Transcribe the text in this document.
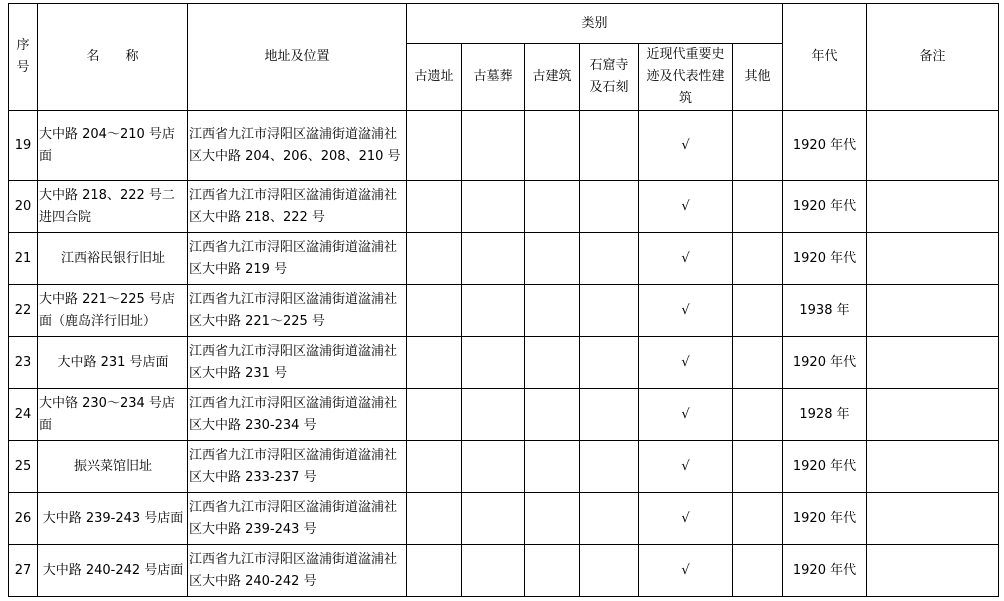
序号	名　　称	地址及位置	类别						年代	备注
			古遗址	古墓葬	古建筑	石窟寺及石刻	近现代重要史迹及代表性建筑	其他		
19	大中路 204～210 号店面	江西省九江市浔阳区湓浦街道湓浦社区大中路 204、206、208、210 号					√		1920 年代	
20	大中路 218、222 号二进四合院	江西省九江市浔阳区湓浦街道湓浦社区大中路 218、222 号					√		1920 年代	
21	江西裕民银行旧址	江西省九江市浔阳区湓浦街道湓浦社区大中路 219 号					√		1920 年代	
22	大中路 221～225 号店面（鹿岛洋行旧址）	江西省九江市浔阳区湓浦街道湓浦社区大中路 221～225 号					√		1938 年	
23	大中路 231 号店面	江西省九江市浔阳区湓浦街道湓浦社区大中路 231 号					√		1920 年代	
24	大中铬 230～234 号店面	江西省九江市浔阳区湓浦街道湓浦社区大中路 230-234 号					√		1928 年	
25	振兴菜馆旧址	江西省九江市浔阳区湓浦街道湓浦社区大中路 233-237 号					√		1920 年代	
26	大中路 239-243 号店面	江西省九江市浔阳区湓浦街道湓浦社区大中路 239-243 号					√		1920 年代	
27	大中路 240-242 号店面	江西省九江市浔阳区湓浦街道湓浦社区大中路 240-242 号					√		1920 年代	
